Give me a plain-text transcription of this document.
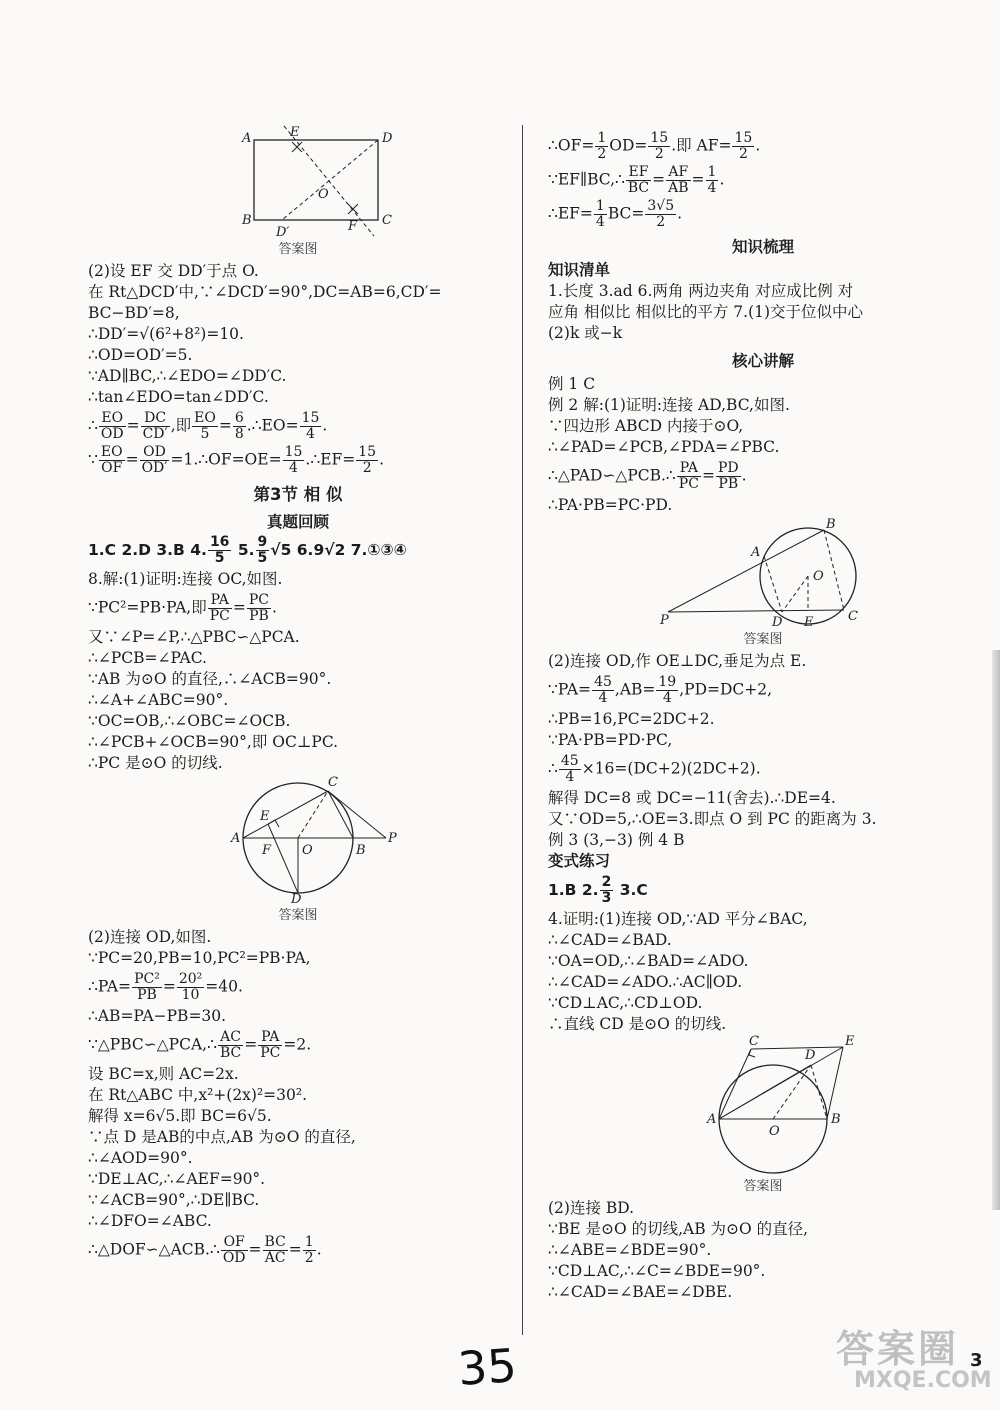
A	E	D
O
B
D′	F C
答案图
(2)设 EF 交 DD′于点 O.
在 Rt△DCD′中,∵∠DCD′=90°,DC=AB=6,CD′=
BC−BD′=8,
∴DD′=√(6²+8²)=10.
∴OD=OD′=5.
∵AD∥BC,∴∠EDO=∠DD′C.
∴tan∠EDO=tan∠DD′C.
∴ $\frac{EO}{OD} = \frac{DC}{CD'}$ ,即 $\frac{EO}{5} = \frac{6}{8}$ .∴EO= $\frac{15}{4}$ .
∵ $\frac{EO}{OF} = \frac{OD}{OD'}$ =1.∴OF=OE= $\frac{15}{4}$ .∴EF= $\frac{15}{2}$ .
第3节 相 似
真题回顾
1.C 2.D 3.B 4. $\frac{16}{5} 5$. $\frac{9}{5} √5$ 6.9√2 7.①③④
8.解:(1)证明:连接 OC,如图.
∵PC²=PB·PA,即 $\frac{PA}{PC} = \frac{PC}{PB}$ .
又∵∠P=∠P,∴△PBC∽△PCA.
∴∠PCB=∠PAC.
∵AB 为⊙O 的直径,∴∠ACB=90°.
∴∠A+∠ABC=90°.
∵OC=OB,∴∠OBC=∠OCB.
∴∠PCB+∠OCB=90°,即 OC⊥PC.
∴PC 是⊙O 的切线.
C
E
A
F O	B
P
D
答案图
(2)连接 OD,如图.
∵PC=20,PB=10,PC²=PB·PA,
∴PA= $\frac{\text{PC²}}{PB} = \frac{\text{20²}}{10} =40$.
∴AB=PA−PB=30.
∵△PBC∽△PCA,∴ $\frac{AC}{BC} = \frac{PA}{PC} =2$.
设 BC=x,则 AC=2x.
在 Rt△ABC 中,x²+(2x)²=30².
解得 x=6√5.即 BC=6√5.
∵点 D 是AB的中点,AB 为⊙O 的直径,
∴∠AOD=90°.
∵DE⊥AC,∴∠AEF=90°.
∵∠ACB=90°,∴DE∥BC.
∴∠DFO=∠ABC.
∴△DOF∽△ACB.∴ $\frac{OF}{OD} = \frac{BC}{AC} = \frac{1}{2}$ .
∴OF= $\frac{1}{2} OD= \frac{15}{2}$ .即 $AF= \frac{15}{2}$ .
∵EF∥BC,∴ $\frac{EF}{BC} = \frac{AF}{AB} = \frac{1}{4}$ .
∴EF= $\frac{1}{4} BC= \frac{3√5}{2}$ .
知识梳理
知识清单
1.长度 3.ad 6.两角 两边夹角 对应成比例 对
应角 相似比 相似比的平方 7.(1)交于位似中心
(2)k 或−k
核心讲解
例 1 C
例 2 解:(1)证明:连接 AD,BC,如图.
∵四边形 ABCD 内接于⊙O,
∴∠PAD=∠PCB,∠PDA=∠PBC.
∴△PAD∽△PCB.∴ $\frac{PA}{PC} = \frac{PD}{PB}$ .
∴PA·PB=PC·PD.
B
A
O
P	D E	C
答案图
(2)连接 OD,作 OE⊥DC,垂足为点 E.
∵PA= $\frac{45}{4} ,AB= \frac{19}{4} ,PD=DC+2$,
∴PB=16,PC=2DC+2.
∵PA·PB=PD·PC,
∴ $\frac{45}{4} \times 16=(DC+2)(2DC+2)$.
解得 DC=8 或 DC=−11(舍去).∴DE=4.
又∵OD=5,∴OE=3.即点 O 到 PC 的距离为 3.
例 3 (3,−3) 例 4 B
变式练习
1.B 2. $\frac{2}{3} 3.C$
4.证明:(1)连接 OD,∵AD 平分∠BAC,
∴∠CAD=∠BAD.
∵OA=OD,∴∠BAD=∠ADO.
∴∠CAD=∠ADO.∴AC∥OD.
∵CD⊥AC,∴CD⊥OD.
∴直线 CD 是⊙O 的切线.
C
D
E
A
O
B
答案图
(2)连接 BD.
∵BE 是⊙O 的切线,AB 为⊙O 的直径,
∴∠ABE=∠BDE=90°.
∵CD⊥AC,∴∠C=∠BDE=90°.
∴∠CAD=∠BAE=∠DBE.
35	3
答案圈
MXQE.COM
